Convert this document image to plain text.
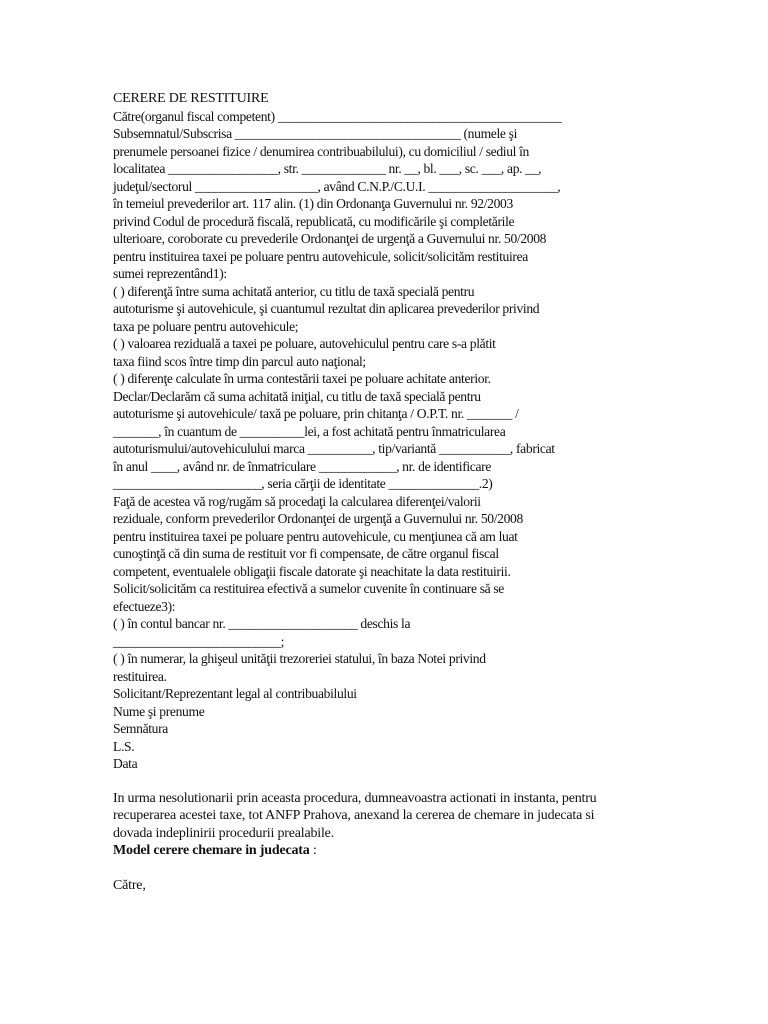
CERERE DE RESTITUIRE
Către(organul fiscal competent) ____________________________________________
Subsemnatul/Subscrisa ___________________________________ (numele şi
prenumele persoanei fizice / denumirea contribuabilului), cu domiciliul / sediul în
localitatea _________________, str. _____________ nr. __, bl. ___, sc. ___, ap. __,
judeţul/sectorul ___________________, având C.N.P./C.U.I. ____________________,
în temeiul prevederilor art. 117 alin. (1) din Ordonanţa Guvernului nr. 92/2003
privind Codul de procedură fiscală, republicată, cu modificările şi completările
ulterioare, coroborate cu prevederile Ordonanţei de urgenţă a Guvernului nr. 50/2008
pentru instituirea taxei pe poluare pentru autovehicule, solicit/solicităm restituirea
sumei reprezentând1):
( ) diferenţă între suma achitată anterior, cu titlu de taxă specială pentru
autoturisme şi autovehicule, şi cuantumul rezultat din aplicarea prevederilor privind
taxa pe poluare pentru autovehicule;
( ) valoarea reziduală a taxei pe poluare, autovehiculul pentru care s-a plătit
taxa fiind scos între timp din parcul auto naţional;
( ) diferenţe calculate în urma contestării taxei pe poluare achitate anterior.
Declar/Declarăm că suma achitată iniţial, cu titlu de taxă specială pentru
autoturisme şi autovehicule/ taxă pe poluare, prin chitanţa / O.P.T. nr. _______ /
_______, în cuantum de __________lei, a fost achitată pentru înmatricularea
autoturismului/autovehiculului marca __________, tip/variantă ___________, fabricat
în anul ____, având nr. de înmatriculare ____________, nr. de identificare
_______________________, seria cărţii de identitate ______________.2)
Faţă de acestea vă rog/rugăm să procedaţi la calcularea diferenţei/valorii
reziduale, conform prevederilor Ordonanţei de urgenţă a Guvernului nr. 50/2008
pentru instituirea taxei pe poluare pentru autovehicule, cu menţiunea că am luat
cunoştinţă că din suma de restituit vor fi compensate, de către organul fiscal
competent, eventualele obligaţii fiscale datorate şi neachitate la data restituirii.
Solicit/solicităm ca restituirea efectivă a sumelor cuvenite în continuare să se
efectueze3):
( ) în contul bancar nr. ____________________ deschis la
__________________________;
( ) în numerar, la ghişeul unităţii trezoreriei statului, în baza Notei privind
restituirea.
Solicitant/Reprezentant legal al contribuabilului
Nume şi prenume
Semnătura
L.S.
Data
In urma nesolutionarii prin aceasta procedura, dumneavoastra actionati in instanta, pentru
recuperarea acestei taxe, tot ANFP Prahova, anexand la cererea de chemare in judecata si
dovada indeplinirii procedurii prealabile.
Model cerere chemare in judecata :
Către,
